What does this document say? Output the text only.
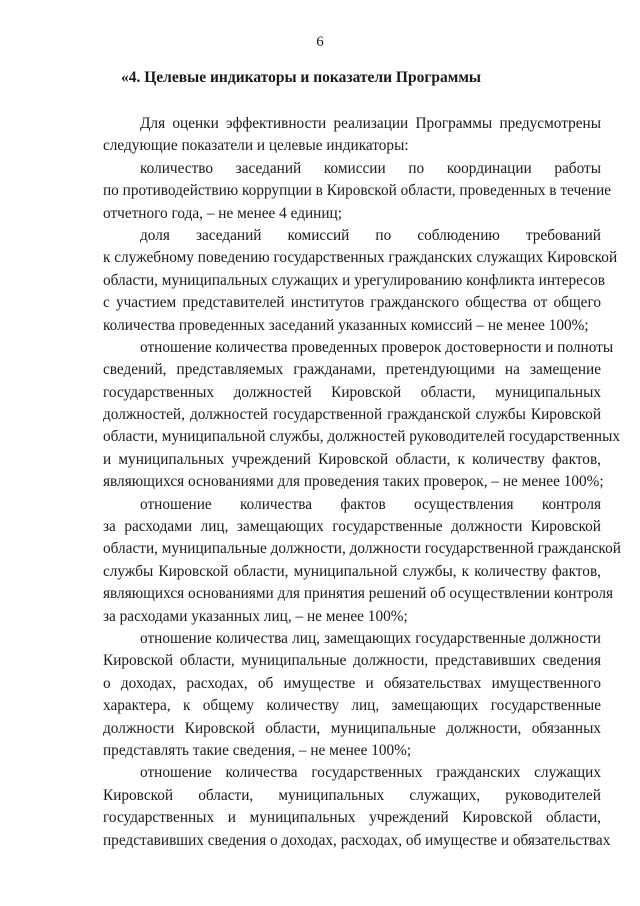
6
«4. Целевые индикаторы и показатели Программы
Для оценки эффективности реализации Программы предусмотрены
следующие показатели и целевые индикаторы:
количество заседаний комиссии по координации работы
по противодействию коррупции в Кировской области, проведенных в течение
отчетного года, – не менее 4 единиц;
доля заседаний комиссий по соблюдению требований
к служебному поведению государственных гражданских служащих Кировской
области, муниципальных служащих и урегулированию конфликта интересов
с участием представителей институтов гражданского общества от общего
количества проведенных заседаний указанных комиссий – не менее 100%;
отношение количества проведенных проверок достоверности и полноты
сведений, представляемых гражданами, претендующими на замещение
государственных должностей Кировской области, муниципальных
должностей, должностей государственной гражданской службы Кировской
области, муниципальной службы, должностей руководителей государственных
и муниципальных учреждений Кировской области, к количеству фактов,
являющихся основаниями для проведения таких проверок, – не менее 100%;
отношение количества фактов осуществления контроля
за расходами лиц, замещающих государственные должности Кировской
области, муниципальные должности, должности государственной гражданской
службы Кировской области, муниципальной службы, к количеству фактов,
являющихся основаниями для принятия решений об осуществлении контроля
за расходами указанных лиц, – не менее 100%;
отношение количества лиц, замещающих государственные должности
Кировской области, муниципальные должности, представивших сведения
о доходах, расходах, об имуществе и обязательствах имущественного
характера, к общему количеству лиц, замещающих государственные
должности Кировской области, муниципальные должности, обязанных
представлять такие сведения, – не менее 100%;
отношение количества государственных гражданских служащих
Кировской области, муниципальных служащих, руководителей
государственных и муниципальных учреждений Кировской области,
представивших сведения о доходах, расходах, об имуществе и обязательствах
